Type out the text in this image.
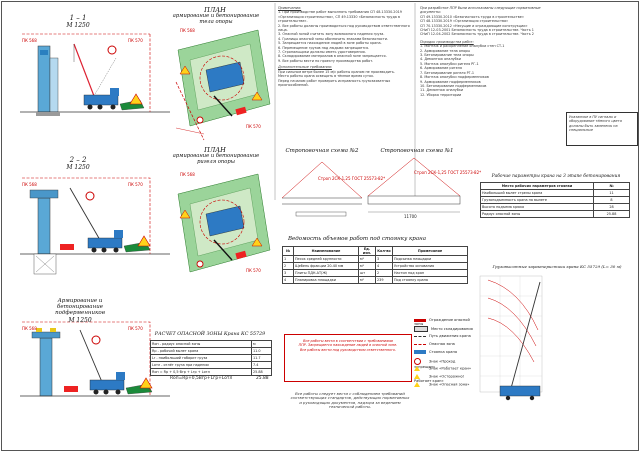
1 – 1
М 1250
ПК 568	ПК 570
ПК 568	ПК 570
ПК 568	ПК 570
ПК 568
ПК 570
ПК 568
ПК 570
2 – 2
М 1250
Армирование и бетонирование подферменников
М 1250
ПЛАН
армирование и бетонирование тела опоры
ПЛАН
армирование и бетонирование ригеля опоры
Примечания:
1. При производстве работ выполнять требования СП 48.13330.2019 «Организация строительства», СП 49.13330 «Безопасность труда в строительстве».
2. Все работы должны производиться под руководством ответственного лица.
3. Опасной зоной считать зону возможного падения груза.
4. Границы опасной зоны обозначить знаками безопасности.
5. Запрещается нахождение людей в зоне работы крана.
6. Перемещение грузов над людьми запрещается.
7. Стропальщики должны иметь удостоверения.
8. Складирование материалов в опасной зоне запрещается.
9. Все работы вести по проекту производства работ.
Дополнительные требования:
При сильном ветре более 15 м/с работы краном не производить.
Место работы крана освещать в тёмное время суток.
Перед началом работ проверить исправность грузозахватных приспособлений.
При разработке ППР были использованы следующие нормативные документы:
СП 49.13330.2010 «Безопасность труда в строительстве»
СП 48.13330.2019 «Организация строительства»
СП 70.13330.2012 «Несущие и ограждающие конструкции»
СНиП 12-03-2001 Безопасность труда в строительстве. Часть 1
СНиП 12-04-2002 Безопасность труда в строительстве. Часть 2
Порядок производства работ:
1. Монтаж и раскрепление опалубки стен СТ-1
2. Армирование тела опоры
3. Бетонирование тела опоры
4. Демонтаж опалубки
5. Монтаж опалубки ригеля РГ-1
6. Армирование ригеля
7. Бетонирование ригеля РГ-1
8. Монтаж опалубки подферменников
9. Армирование подферменников
10. Бетонирование подферменников
11. Демонтаж опалубки
12. Уборка территории
Указанные в ПУ сигналы и оборудование тёмного цвета должны быть заменены на специальные
Строповочная схема №2
Строп 2СК-1,25 ГОСТ 25573-82*
Строповочная схема №1
Строп 2СК-1,25 ГОСТ 25573-82*
11700
Рабочие параметры крана на 3 этапе бетонирования
Место рабочих параметров стоянки	№
Наибольший вылет стрелы крана	11
Грузоподъемность крана на вылете	8
Высота подъема крюка	28
Радиус опасной зоны	25.88
Ведомость объемов работ под стоянку крана
№	Наименование	Ед. изм.	Кол-во	Примечание
1	Песок средней крупности	м³	3	Подсыпка площадки
2	Щебень фракции 20-40 мм	м³	4	Устройство основания
3	Плиты ПДН-АТ(Ж)	шт	2	Настил под кран
4	Планировка площадки	м²	239	Под стоянку крана
РАСЧЕТ ОПАСНОЙ ЗОНЫ Крана КС 55729
Rоп - радиус опасной зоны	м
Rр - рабочий вылет крана	11.0
Lr - наибольший габарит груза	11.7
Lотл - отлёт груза при падении	7.4
Rоп = Rр + 0,5·Bгр + Lгр + Lотл	25.88
Rоп=Rр+0,5Bгр+Lгр+Lотл	25.88
Все работы вести в соответствии с требованиями
ППР. Запрещается нахождение людей в опасной зоне.
Все работы вести под руководством ответственного.
Все работы следует вести с соблюдением требований
соответствующих стандартов, действующих нормативных
и руководящих документов, надзора за ведением
технической работы.
Ограждение опасной зоны
Место складирования
Путь движения крана
Опасная зона
Стоянка крана
Знак «Проход запрещен»
Знак «Работает кран»
Знак «Осторожно! Работает кран»
Знак «Опасная зона»
Грузовысотные характеристики крана КС 55729 (L= 30 м)
